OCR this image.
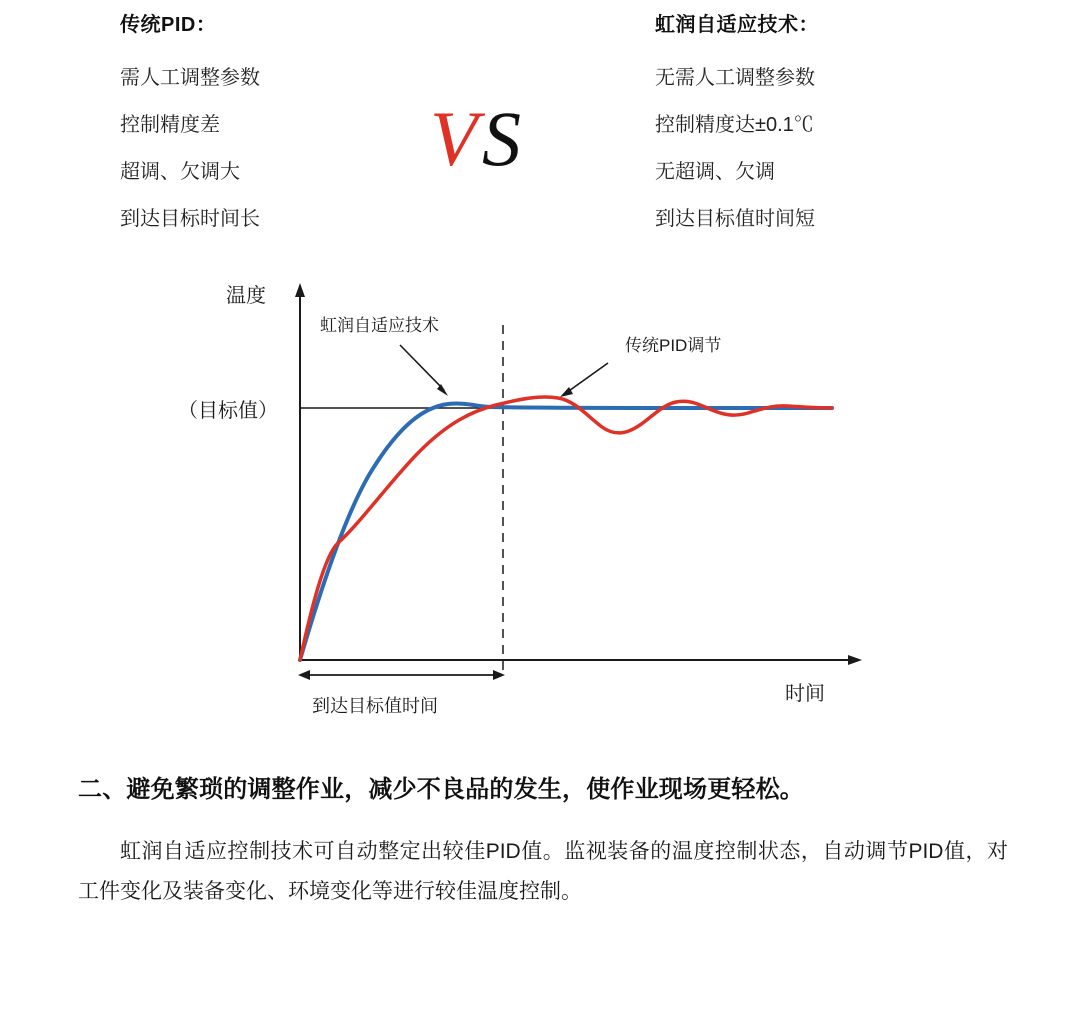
传统PID：
需人工调整参数
控制精度差
超调、欠调大
到达目标时间长
V S
虹润自适应技术：
无需人工调整参数
控制精度达±0.1℃
无超调、欠调
到达目标值时间短
温度
时间
（目标值）
虹润自适应技术
传统PID调节
到达目标值时间
二、避免繁琐的调整作业，减少不良品的发生，使作业现场更轻松。

虹润自适应控制技术可自动整定出较佳PID值。监视装备的温度控制状态，自动调节PID值，对工件变化及装备变化、环境变化等进行较佳温度控制。
